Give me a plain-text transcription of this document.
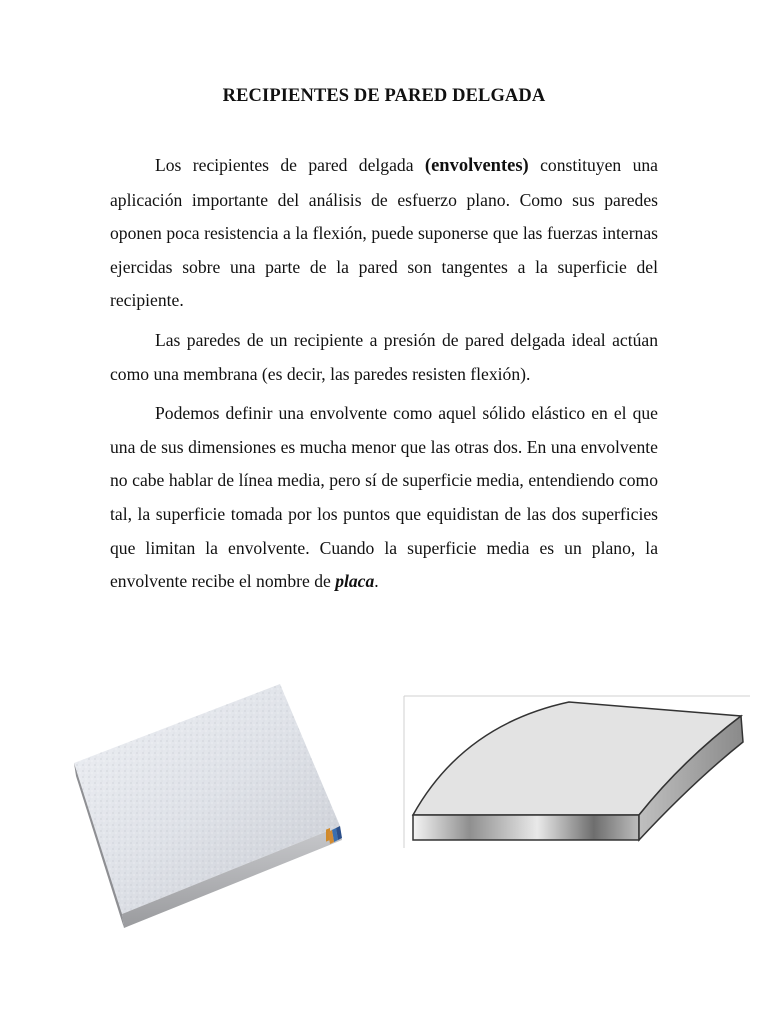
RECIPIENTES DE PARED DELGADA

Los recipientes de pared delgada (envolventes) constituyen una aplicación importante del análisis de esfuerzo plano. Como sus paredes oponen poca resistencia a la flexión, puede suponerse que las fuerzas internas ejercidas sobre una parte de la pared son tangentes a la superficie del recipiente.

Las paredes de un recipiente a presión de pared delgada ideal actúan como una membrana (es decir, las paredes resisten flexión).

Podemos definir una envolvente como aquel sólido elástico en el que una de sus dimensiones es mucha menor que las otras dos. En una envolvente no cabe hablar de línea media, pero sí de superficie media, entendiendo como tal, la superficie tomada por los puntos que equidistan de las dos superficies que limitan la envolvente. Cuando la superficie media es un plano, la envolvente recibe el nombre de placa.
